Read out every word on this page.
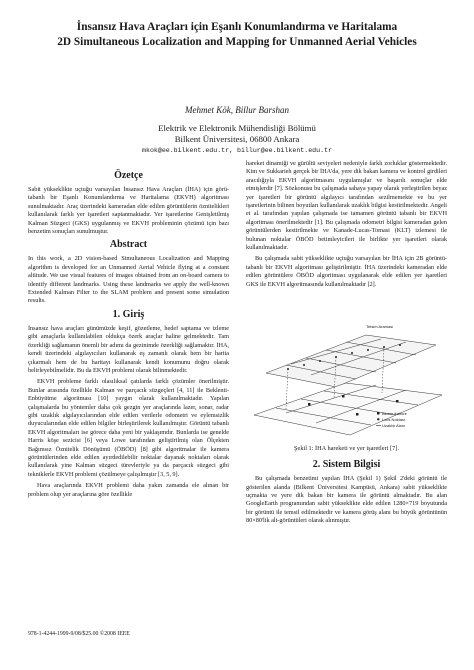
İnsansız Hava Araçları için Eşanlı Konumlandırma ve Haritalama
2D Simultaneous Localization and Mapping for Unmanned Aerial Vehicles
Mehmet Kök, Billur Barshan
Elektrik ve Elektronik Mühendisliği Bölümü
Bilkent Üniversitesi, 06800 Ankara
mkok@ee.bilkent.edu.tr, billur@ee.bilkent.edu.tr
Özetçe

Sabit yükseklikte uçtuğu varsayılan İnsansız Hava Araçları (İHA) için görü-tabanlı bir Eşanlı Konumlandırma ve Haritalama (EKVH) algoritması sunulmaktadır. Araç üzerindeki kameradan elde edilen görüntülerin öznitelikleri kullanılarak farklı yer işaretleri saptanmaktadır. Yer işaretlerine Genişletilmiş Kalman Süzgeci (GKS) uygulanmış ve EKVH probleminin çözümü için bazı benzetim sonuçları sunulmuştur.

Abstract

In this work, a 2D vision-based Simultaneous Localization and Mapping algorithm is developed for an Unmanned Aerial Vehicle flying at a constant altitude. We use visual features of images obtained from an on-board camera to identify different landmarks. Using these landmarks we apply the well-known Extended Kalman Filter to the SLAM problem and present some simulation results.

1. Giriş

İnsansız hava araçları günümüzde keşif, gözetleme, hedef saptama ve izleme gibi amaçlarla kullanılabilen oldukça özerk araçlar haline gelmektedir. Tam özerkliği sağlamanın önemli bir adımı da gezinimde özerkliği sağlamaktır. İHA, kendi üzerindeki algılayıcıları kullanarak eş zamanlı olarak hem bir harita çıkarmalı hem de bu haritayı kullanarak kendi konumunu doğru olarak belirleyebilmelidir. Bu da EKVH problemi olarak bilinmektedir.

EKVH probleme farklı olasılıksal çatılarda farklı çözümler önerilmiştir. Bunlar arasında özellikle Kalman ve parçacık süzgeçleri [4, 11] ile Beklenti-Enbüyütme algoritması [10] yaygın olarak kullanılmaktadır. Yapılan çalışmalarda bu yöntemler daha çok gezgin yer araçlarında lazer, sonar, radar gibi uzaklık algılayıcılarından elde edilen verilerle odometri ve eylemsizlik duyucularından elde edilen bilgiler birleştirilerek kullanılmıştır. Görüntü tabanlı EKVH algoritmaları ise görece daha yeni bir yaklaşımdır. Bunlarda ise genelde Harris köşe sezicisi [6] veya Lowe tarafından geliştirilmiş olan Ölçekten Bağımsız Öznitelik Dönüşümü (ÖBÖD) [8] gibi algoritmalar ile kamera görüntülerinden elde edilen ayırdedilebilir noktalar dayanak noktaları olarak kullanılarak yine Kalman süzgeci türevleriyle ya da parçacık süzgeci gibi tekniklerle EKVH problemi çözülmeye çalışılmıştır [3, 5, 9].

Hava araçlarında EKVH problemi daha yakın zamanda ele alınan bir problem olup yer araçlarına göre özellikle

hareket dinamiği ve gürültü seviyeleri nedeniyle farklı zorluklar göstermektedir. Kim ve Sukkarieh gerçek bir İHA'da, yere dik bakan kamera ve kontrol girdileri aracılığıyla EKVH algoritmasını uygulamışlar ve başarılı sonuçlar elde etmişlerdir [7]. Sözkonusu bu çalışmada sahaya yapay olarak yerleştirilen beyaz yer işaretleri bir görüntü algılayıcı tarafından sezilmemekte ve bu yer işaretlerinin bilinen boyutları kullanılarak uzaklık bilgisi kestirilmektedir. Angeli et al. tarafından yapılan çalışmada ise tamamen görüntü tabanlı bir EKVH algoritması önerilmektedir [1]. Bu çalışmada odometri bilgisi kameradan gelen görüntülerden kestirilmekte ve Kanade-Lucas-Tomasi (KLT) izlemesi ile bulunan noktalar ÖBÖD betimleyicileri ile birlikte yer işaretleri olarak kullanılmaktadır.

Bu çalışmada sabit yükseklikte uçtuğu varsayılan bir İHA için 2B görüntü-tabanlı bir EKVH algoritması geliştirilmiştir. İHA üzerindeki kameradan elde edilen görüntülere ÖBÖD algoritması uygulanarak elde edilen yer işaretleri GKS ile EKVH algoritmasında kullanılmaktadır [2].

Tetsim Araması
Bloom fraiture
Locs Noktası
Uzaklık Alanı
Şekil 1: İHA hareketi ve yer işaretleri [7].
2. Sistem Bilgisi

Bu çalışmada benzetimi yapılan İHA (Şekil 1) Şekil 2'deki görüntü ile gösterilen alanda (Bilkent Üniversitesi Kampüsü, Ankara) sabit yükseklikte uçmakta ve yere dik bakan bir kamera ile görüntü almaktadır. Bu alan GoogleEarth programından sabit yükseklikte elde edilen 1280×719 boyutunda bir görüntü ile temsil edilmektedir ve kamera görüş alanı bu büyük görüntünün 80×80'lik alt-görüntüleri olarak alınmıştır.

978-1-4244-1999-9/08/$25.00 ©2008 IEEE
